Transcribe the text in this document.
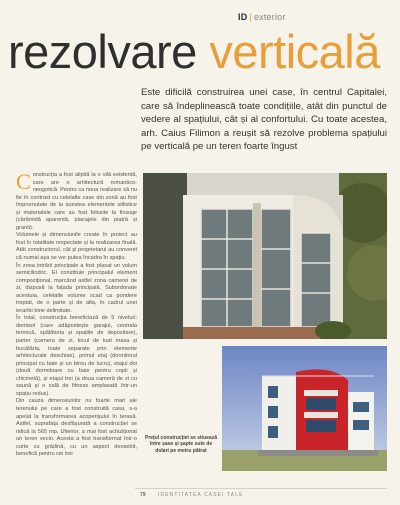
ID | exterior
rezolvare verticală
Este dificilă construirea unei case, în centrul Capitalei, care să îndeplinească toate condițiile, atât din punctul de vedere al spațiului, cât și al confortului. Cu toate acestea, arh. Caius Filimon a reușit să rezolve problema spațiului pe verticală pe un teren foarte îngust

Construcția a fost alipită la o vilă existentă, care are o arhitectură romantico-neogotică. Pentru ca noua realizare să nu fie în contrast cu celelalte case din zonă au fost împrumutate de la acestea elementele stilistice și materialele care au fost folosite la finisaje (cărămidă aparentă, placajele din piatră și granit).

Volumele și dimensiunile create în proiect au fost în totalitate respectate și la realizarea finală. Atât constructorul, cât și proprietarul au convenit că numai așa se vor putea încadra în spațiu.

În zona intrării principale a fost plasat un volum semicilindric. El constituie principalul element compozițional, marcând astfel zona camerei de zi, dispusă la fațada principală. Subordonate acestuia, celelalte volume scad ca pondere treptat, de o parte și de alta, în cadrul unei ierarhii bine delimitate.

În total, construcția beneficiază de 5 niveluri: demisol (care adăpostește garajul, centrala termică, spălătoria și spațiile de depozitare), parter (camera de zi, locul de luat masa și bucătăria, toate separate prin elemente arhitecturale deschise), primul etaj (dormitorul principal cu baie și un birou de lucru), etajul doi (două dormitoare cu baie pentru copii și chicinetă), și etajul trei (a doua cameră de zi cu saună și o sală de fitness amplasată într-un spațiu redus).

Din cauza dimensiunilor nu foarte mari ale terenului pe care a fost construită casa, s-a apelat la transformarea acoperișului în terasă. Astfel, suprafața desfășurată a construcției se ridică la 565 mp. Ulterior, a mai fost achiziționat un teren vecin. Acesta a fost transformat într-o curte cu grădină, cu un aspect deosebit, benefică pentru cei trei

Prețul construcției se situează între șase și șapte sute de dolari pe metru pătrat
79 IDENTITATEA CASEI TALE
